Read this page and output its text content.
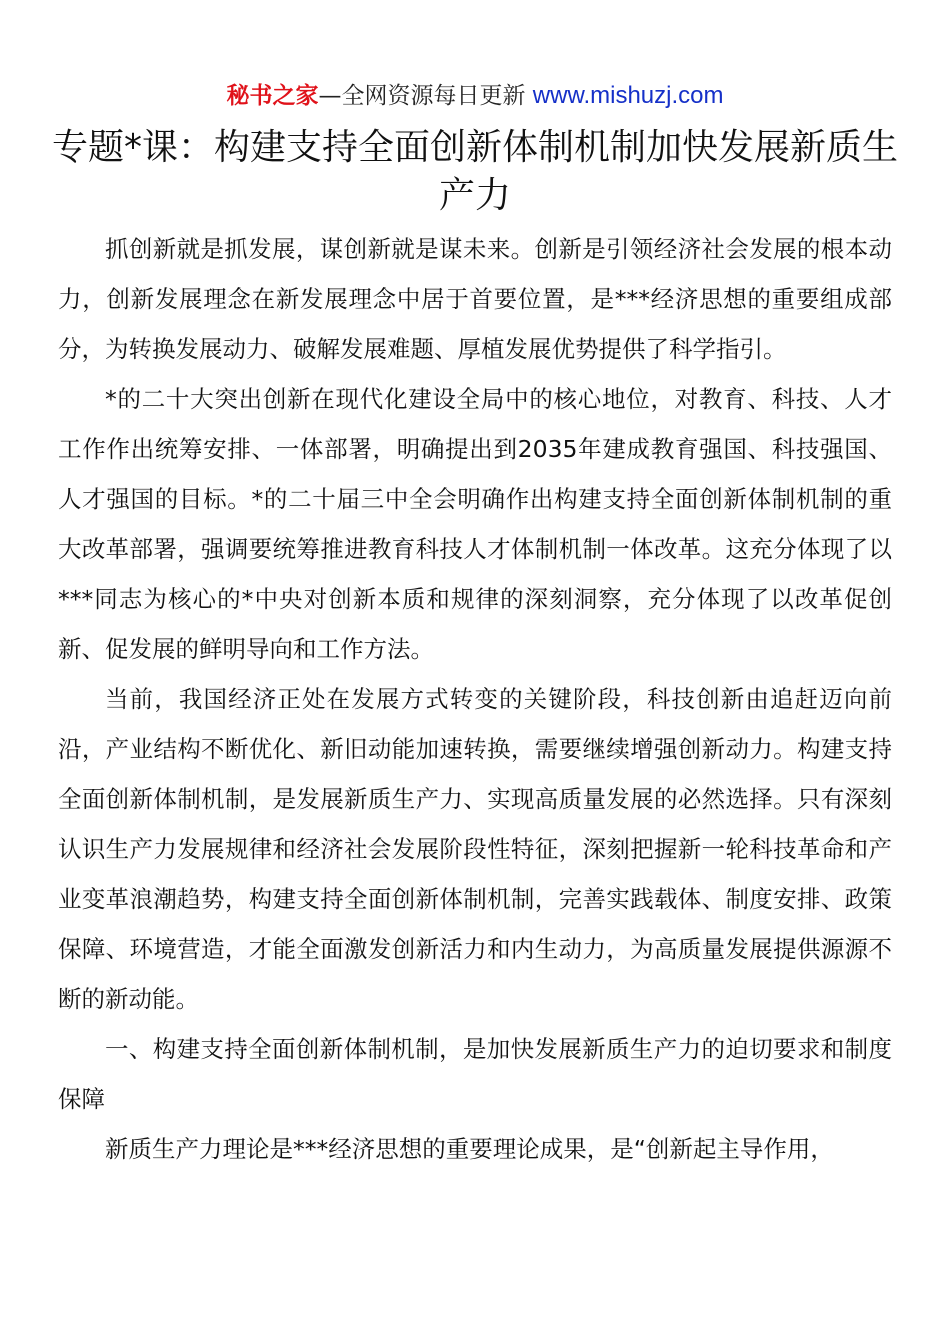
秘书之家—全网资源每日更新 www.mishuzj.com
专题*课：构建支持全面创新体制机制加快发展新质生产力

抓创新就是抓发展，谋创新就是谋未来。创新是引领经济社会发展的根本动力，创新发展理念在新发展理念中居于首要位置，是***经济思想的重要组成部分，为转换发展动力、破解发展难题、厚植发展优势提供了科学指引。

*的二十大突出创新在现代化建设全局中的核心地位，对教育、科技、人才工作作出统筹安排、一体部署，明确提出到2035年建成教育强国、科技强国、人才强国的目标。*的二十届三中全会明确作出构建支持全面创新体制机制的重大改革部署，强调要统筹推进教育科技人才体制机制一体改革。这充分体现了以***同志为核心的*中央对创新本质和规律的深刻洞察，充分体现了以改革促创新、促发展的鲜明导向和工作方法。

当前，我国经济正处在发展方式转变的关键阶段，科技创新由追赶迈向前沿，产业结构不断优化、新旧动能加速转换，需要继续增强创新动力。构建支持全面创新体制机制，是发展新质生产力、实现高质量发展的必然选择。只有深刻认识生产力发展规律和经济社会发展阶段性特征，深刻把握新一轮科技革命和产业变革浪潮趋势，构建支持全面创新体制机制，完善实践载体、制度安排、政策保障、环境营造，才能全面激发创新活力和内生动力，为高质量发展提供源源不断的新动能。

一、构建支持全面创新体制机制，是加快发展新质生产力的迫切要求和制度保障

新质生产力理论是***经济思想的重要理论成果，是“创新起主导作用，
